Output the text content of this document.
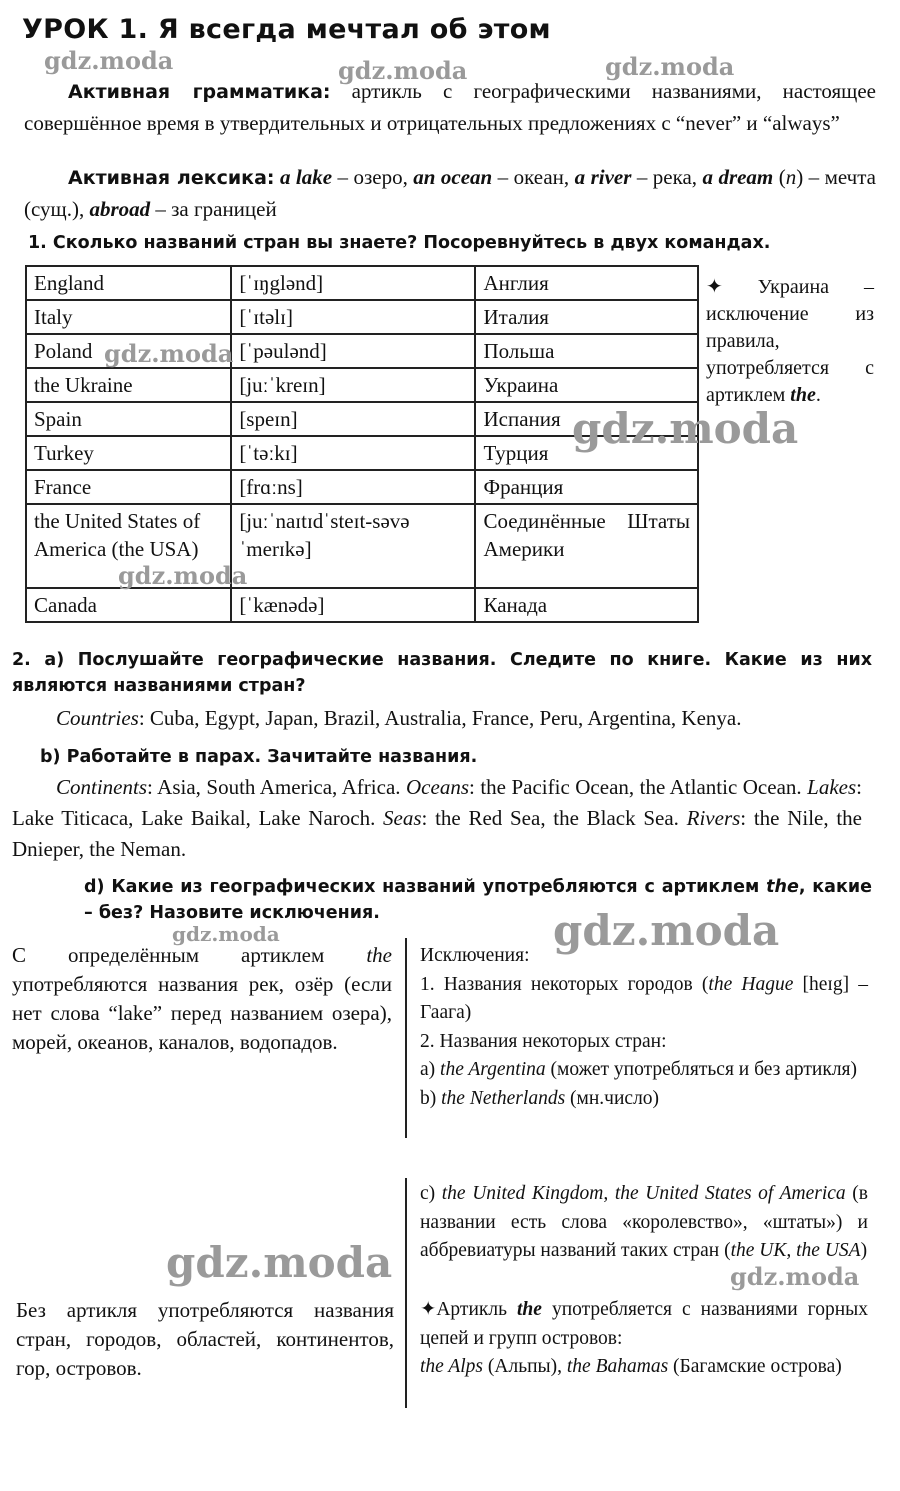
УРОК 1. Я всегда мечтал об этом
gdz.moda	gdz.moda	gdz.moda
Активная грамматика: артикль с географическими названиями, настоящее совершённое время в утвердительных и отрицательных предложениях с “never” и “always”
Активная лексика: a lake – озеро, an ocean – океан, a river – река, a dream (n) – мечта (сущ.), abroad – за границей
1. Сколько названий стран вы знаете? Посоревнуйтесь в двух командах.
England	[ˈɪŋglənd]	Англия
Italy	[ˈɪtəlɪ]	Италия
Poland	[ˈpəulənd]	Польша
the Ukraine	[juːˈkreɪn]	Украина
Spain	[speɪn]	Испания
Turkey	[ˈtəːkɪ]	Турция
France	[frɑːns]	Франция
the United States of America (the USA)	[juːˈnaɪtɪdˈsteɪt-səvəˈmerɪkə]	Соединённые Штаты Америки
Canada	[ˈkænədə]	Канада
gdz.moda
gdz.moda
gdz.moda
✦ Украина – исключение из правила, употребляется с артиклем the.
2. а) Послушайте географические названия. Следите по книге. Какие из них являются названиями стран?
Countries: Cuba, Egypt, Japan, Brazil, Australia, France, Peru, Argentina, Kenya.
b) Работайте в парах. Зачитайте названия.
Continents: Asia, South America, Africa. Oceans: the Pacific Ocean, the Atlantic Ocean. Lakes: Lake Titicaca, Lake Baikal, Lake Naroch. Seas: the Red Sea, the Black Sea. Rivers: the Nile, the Dnieper, the Neman.
d) Какие из географических названий употребляются с артиклем the, какие – без? Назовите исключения.
gdz.moda	gdz.moda
gdz.moda	gdz.moda
С определённым артиклем the употребляются названия рек, озёр (если нет слова “lake” перед названием озера), морей, океанов, каналов, водопадов.
Без артикля употребляются названия стран, городов, областей, континентов, гор, островов.
Исключения:
1. Названия некоторых городов (the Hague [heɪg] – Гаага)
2. Названия некоторых стран:
а) the Argentina (может употребляться и без артикля)
b) the Netherlands (мн.число)
с) the United Kingdom, the United States of America (в названии есть слова «королевство», «штаты») и аббревиатуры названий таких стран (the UK, the USA)
✦Артикль the употребляется с названиями горных цепей и групп островов:
the Alps (Альпы), the Bahamas (Багамские острова)
